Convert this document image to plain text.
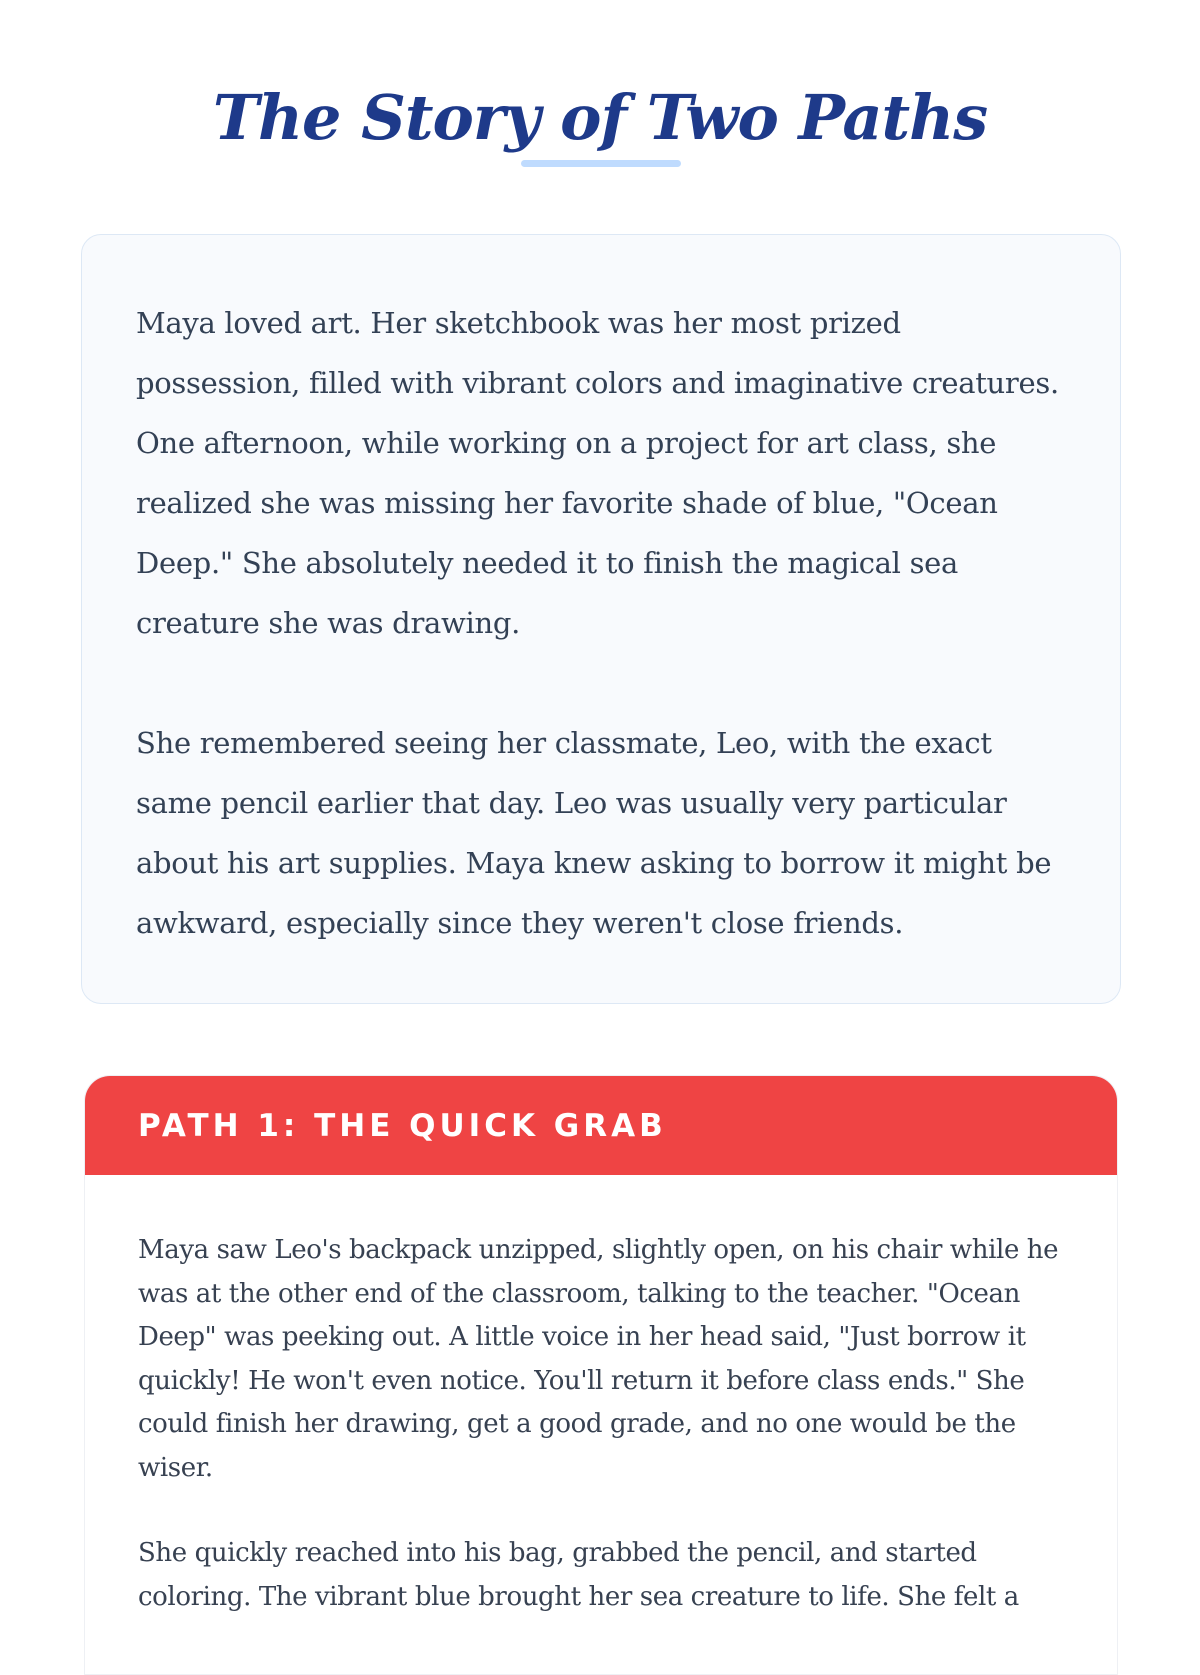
The Story of Two Paths

Maya loved art. Her sketchbook was her most prized possession, filled with vibrant colors and imaginative creatures. One afternoon, while working on a project for art class, she realized she was missing her favorite shade of blue, "Ocean Deep." She absolutely needed it to finish the magical sea creature she was drawing.

She remembered seeing her classmate, Leo, with the exact same pencil earlier that day. Leo was usually very particular about his art supplies. Maya knew asking to borrow it might be awkward, especially since they weren't close friends.

PATH 1: THE QUICK GRAB

Maya saw Leo's backpack unzipped, slightly open, on his chair while he was at the other end of the classroom, talking to the teacher. "Ocean Deep" was peeking out. A little voice in her head said, "Just borrow it quickly! He won't even notice. You'll return it before class ends." She could finish her drawing, get a good grade, and no one would be the wiser.

She quickly reached into his bag, grabbed the pencil, and started coloring. The vibrant blue brought her sea creature to life. She felt a
